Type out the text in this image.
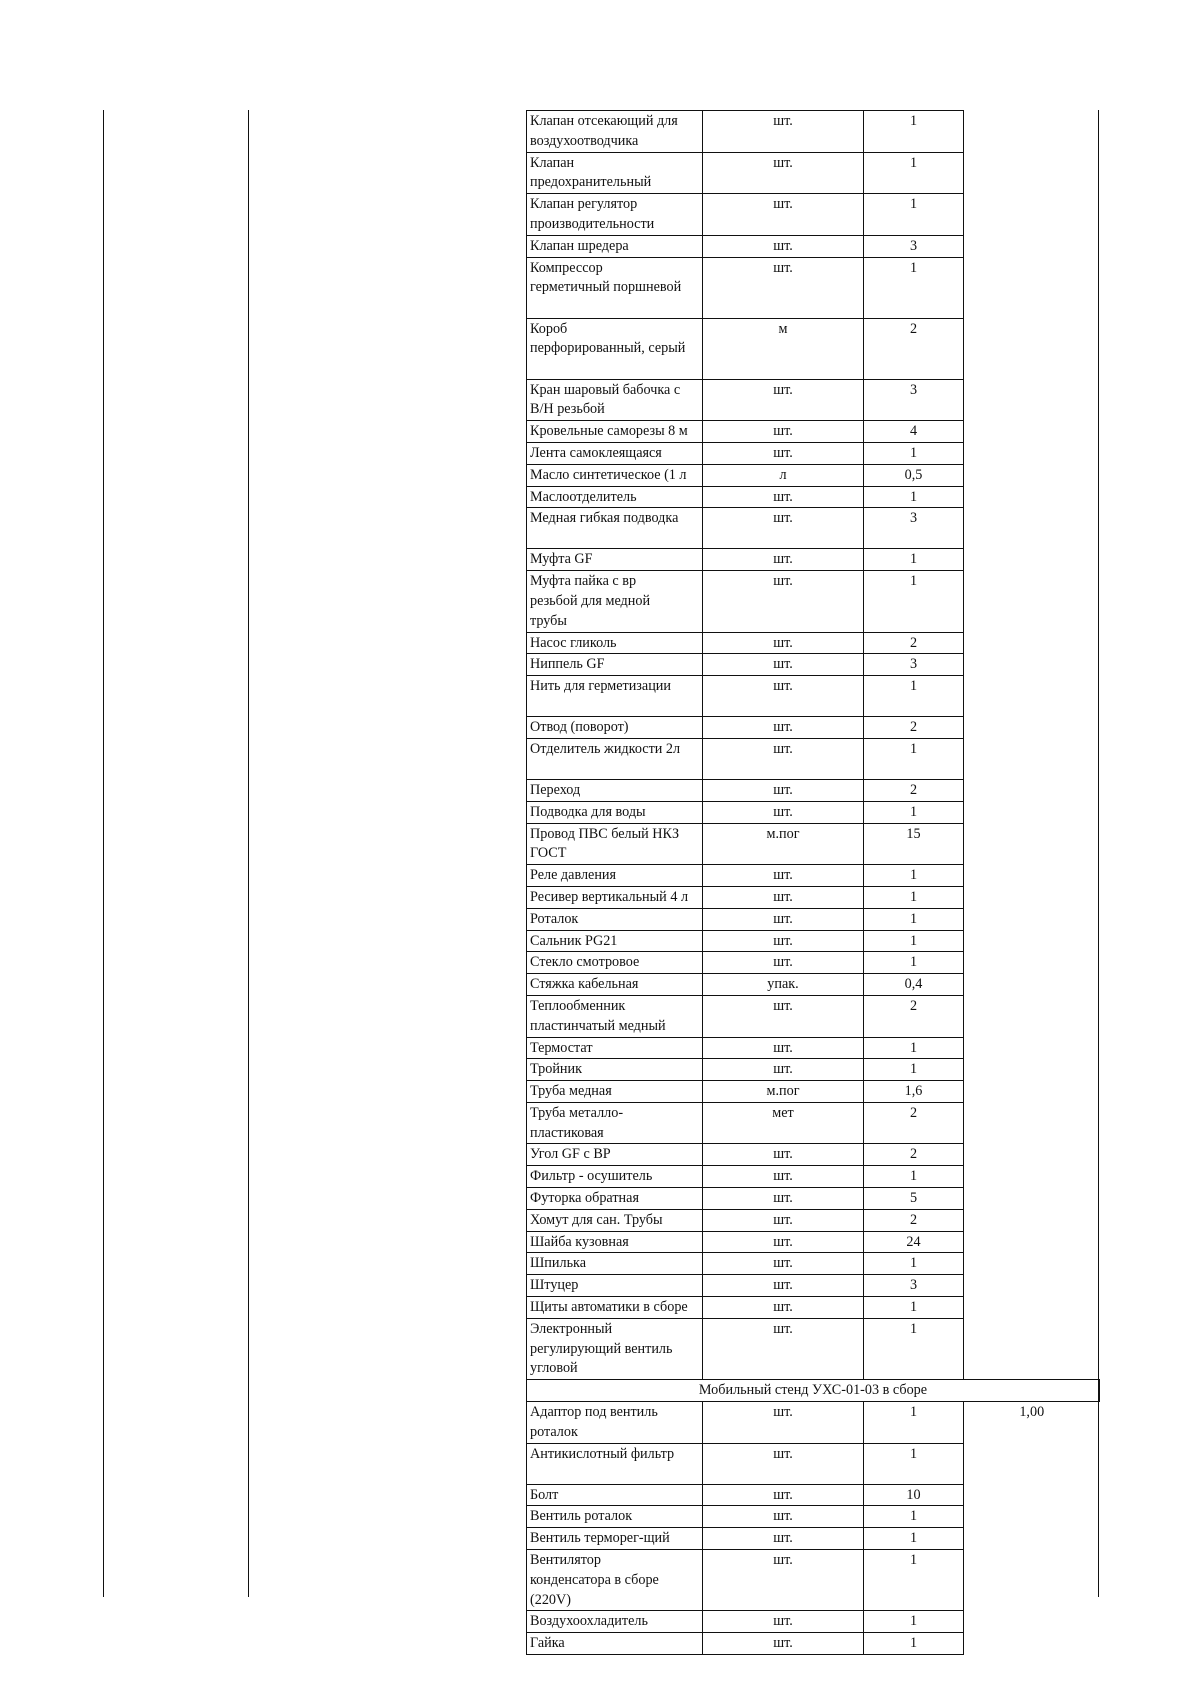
Клапан отсекающий для
воздухоотводчика	шт.	1	
Клапан
предохранительный	шт.	1	
Клапан регулятор
производительности	шт.	1	
Клапан шредера	шт.	3	
Компрессор
герметичный поршневой	шт.	1	
Короб
перфорированный, серый	м	2	
Кран шаровый бабочка с
В/Н резьбой	шт.	3	
Кровельные саморезы 8 м	шт.	4	
Лента самоклеящаяся	шт.	1	
Масло синтетическое (1 л	л	0,5	
Маслоотделитель	шт.	1	
Медная гибкая подводка	шт.	3	
Муфта GF	шт.	1	
Муфта пайка с вр
резьбой для медной
трубы	шт.	1	
Насос гликоль	шт.	2	
Ниппель GF	шт.	3	
Нить для герметизации	шт.	1	
Отвод (поворот)	шт.	2	
Отделитель жидкости 2л	шт.	1	
Переход	шт.	2	
Подводка для воды	шт.	1	
Провод ПВС белый НКЗ
ГОСТ	м.пог	15	
Реле давления	шт.	1	
Ресивер вертикальный 4 л	шт.	1	
Роталок	шт.	1	
Сальник PG21	шт.	1	
Стекло смотровое	шт.	1	
Стяжка кабельная	упак.	0,4	
Теплообменник
пластинчатый медный	шт.	2	
Термостат	шт.	1	
Тройник	шт.	1	
Труба медная	м.пог	1,6	
Труба металло-
пластиковая	мет	2	
Угол GF с ВР	шт.	2	
Фильтр - осушитель	шт.	1	
Футорка обратная	шт.	5	
Хомут для сан. Трубы	шт.	2	
Шайба кузовная	шт.	24	
Шпилька	шт.	1	
Штуцер	шт.	3	
Щиты автоматики в сборе	шт.	1	
Электронный
регулирующий вентиль
угловой	шт.	1	
Мобильный стенд УХС-01-03 в сборе			
Адаптор под вентиль
роталок	шт.	1	1,00
Антикислотный фильтр	шт.	1	
Болт	шт.	10	
Вентиль роталок	шт.	1	
Вентиль терморег-щий	шт.	1	
Вентилятор
конденсатора в сборе
(220V)	шт.	1	
Воздухоохладитель	шт.	1	
Гайка	шт.	1	
